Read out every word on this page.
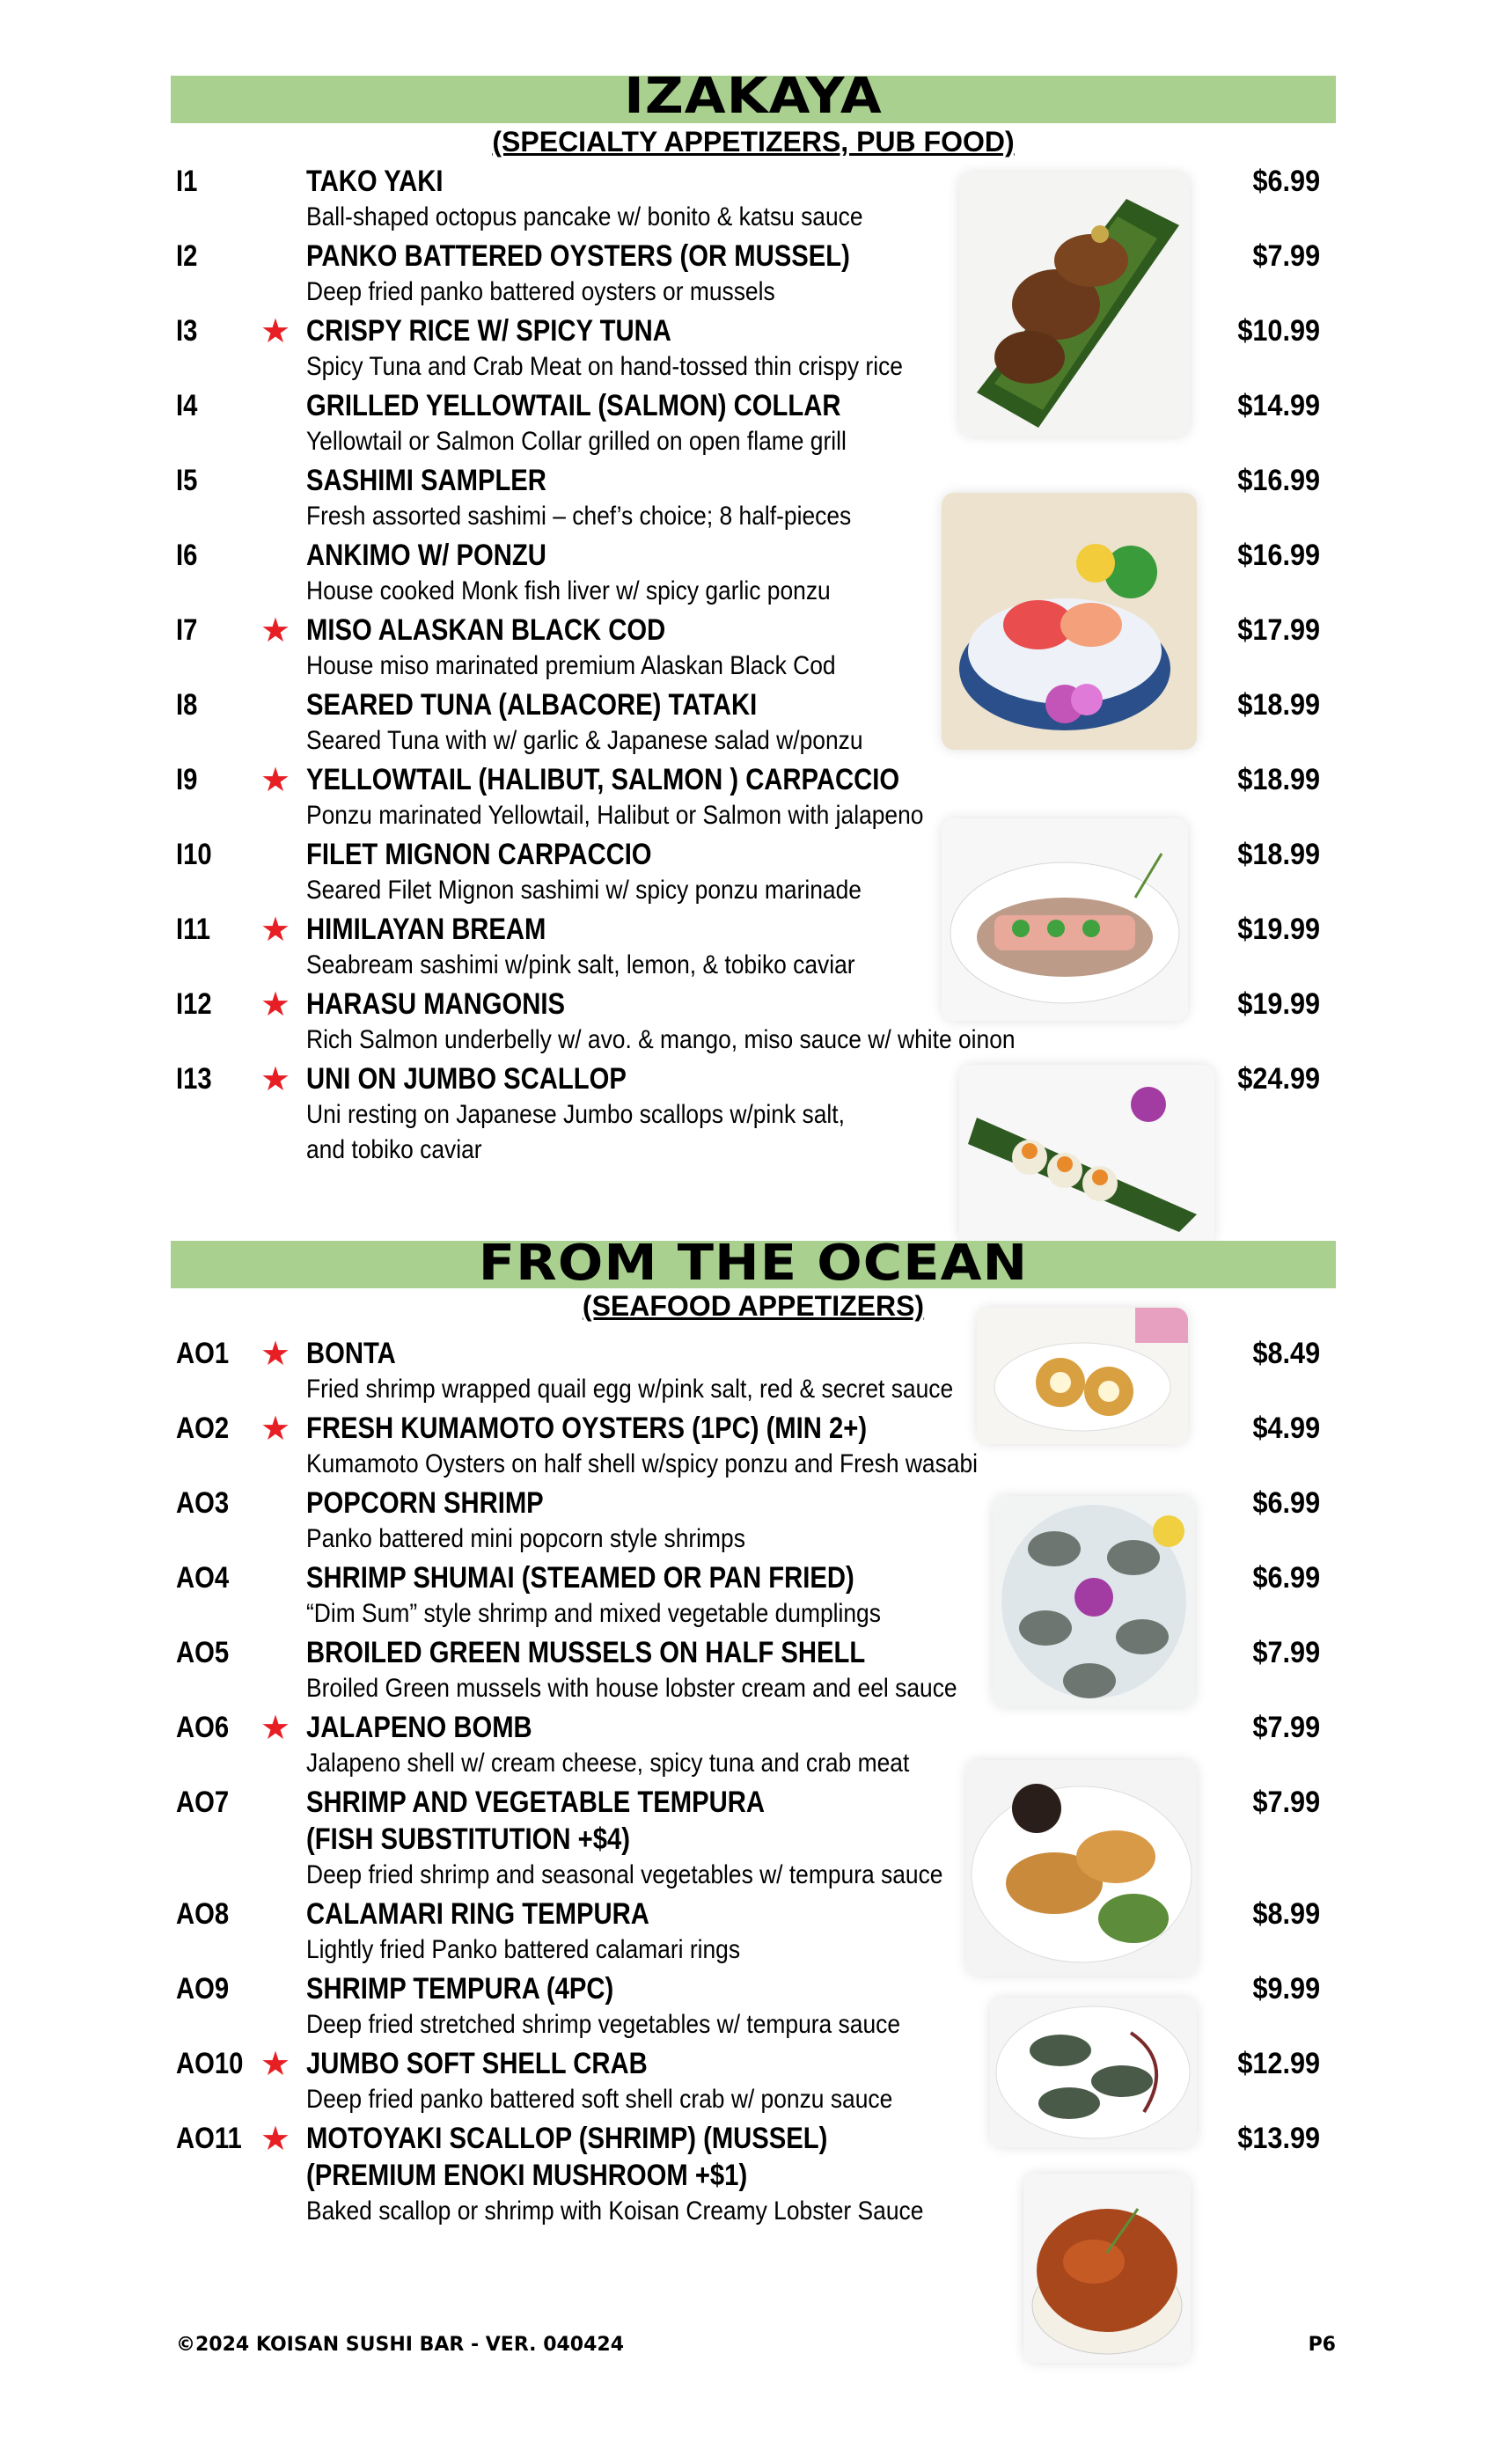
IZAKAYA
(SPECIALTY APPETIZERS, PUB FOOD)
I1	TAKO YAKI
Ball-shaped octopus pancake w/ bonito & katsu sauce
$6.99
I2	PANKO BATTERED OYSTERS (OR MUSSEL)
Deep fried panko battered oysters or mussels
$7.99
I3 ★ CRISPY RICE W/ SPICY TUNA
Spicy Tuna and Crab Meat on hand-tossed thin crispy rice
$10.99
I4	GRILLED YELLOWTAIL (SALMON) COLLAR
Yellowtail or Salmon Collar grilled on open flame grill
$14.99
I5	SASHIMI SAMPLER
Fresh assorted sashimi – chef’s choice; 8 half-pieces
$16.99
I6	ANKIMO W/ PONZU
House cooked Monk fish liver w/ spicy garlic ponzu
$16.99
I7 ★ MISO ALASKAN BLACK COD
House miso marinated premium Alaskan Black Cod
$17.99
I8	SEARED TUNA (ALBACORE) TATAKI
Seared Tuna with w/ garlic & Japanese salad w/ponzu
$18.99
I9 ★ YELLOWTAIL (HALIBUT, SALMON ) CARPACCIO
Ponzu marinated Yellowtail, Halibut or Salmon with jalapeno
$18.99
I10	FILET MIGNON CARPACCIO
Seared Filet Mignon sashimi w/ spicy ponzu marinade
$18.99
I11 ★ HIMILAYAN BREAM
Seabream sashimi w/pink salt, lemon, & tobiko caviar
$19.99
I12 ★ HARASU MANGONIS
Rich Salmon underbelly w/ avo. & mango, miso sauce w/ white oinon
$19.99
I13 ★ UNI ON JUMBO SCALLOP
Uni resting on Japanese Jumbo scallops w/pink salt,
and tobiko caviar
$24.99
FROM THE OCEAN
(SEAFOOD APPETIZERS)
AO1 ★ BONTA
Fried shrimp wrapped quail egg w/pink salt, red & secret sauce
$8.49
AO2 ★ FRESH KUMAMOTO OYSTERS (1PC) (MIN 2+)
Kumamoto Oysters on half shell w/spicy ponzu and Fresh wasabi
$4.99
AO3	POPCORN SHRIMP
Panko battered mini popcorn style shrimps
$6.99
AO4	SHRIMP SHUMAI (STEAMED OR PAN FRIED)
“Dim Sum” style shrimp and mixed vegetable dumplings
$6.99
AO5	BROILED GREEN MUSSELS ON HALF SHELL
Broiled Green mussels with house lobster cream and eel sauce
$7.99
AO6 ★ JALAPENO BOMB
Jalapeno shell w/ cream cheese, spicy tuna and crab meat
$7.99
AO7	SHRIMP AND VEGETABLE TEMPURA
(FISH SUBSTITUTION +$4)
Deep fried shrimp and seasonal vegetables w/ tempura sauce
$7.99
AO8	CALAMARI RING TEMPURA
Lightly fried Panko battered calamari rings
$8.99
AO9	SHRIMP TEMPURA (4PC)
Deep fried stretched shrimp vegetables w/ tempura sauce
$9.99
AO10 ★ JUMBO SOFT SHELL CRAB
Deep fried panko battered soft shell crab w/ ponzu sauce
$12.99
AO11 ★ MOTOYAKI SCALLOP (SHRIMP) (MUSSEL)
(PREMIUM ENOKI MUSHROOM +$1)
Baked scallop or shrimp with Koisan Creamy Lobster Sauce
$13.99
©2024 KOISAN SUSHI BAR - VER. 040424	P6
